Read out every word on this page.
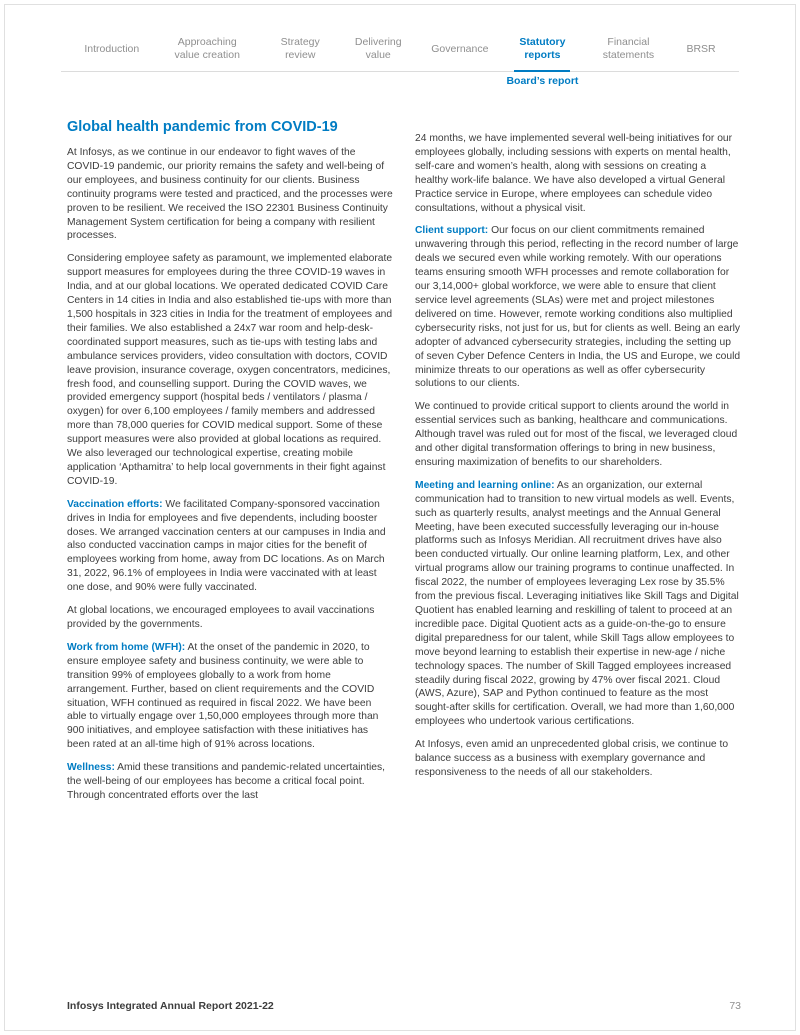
Introduction
Approaching value creation
Strategy review
Delivering value
Governance
Statutory reports
Board’s report
Financial statements
BRSR
Global health pandemic from COVID-19

At Infosys, as we continue in our endeavor to fight waves of the COVID-19 pandemic, our priority remains the safety and well-being of our employees, and business continuity for our clients. Business continuity programs were tested and practiced, and the processes were proven to be resilient. We received the ISO 22301 Business Continuity Management System certification for being a company with resilient processes.

Considering employee safety as paramount, we implemented elaborate support measures for employees during the three COVID-19 waves in India, and at our global locations. We operated dedicated COVID Care Centers in 14 cities in India and also established tie-ups with more than 1,500 hospitals in 323 cities in India for the treatment of employees and their families. We also established a 24x7 war room and help-desk-coordinated support measures, such as tie-ups with testing labs and ambulance services providers, video consultation with doctors, COVID leave provision, insurance coverage, oxygen concentrators, medicines, fresh food, and counselling support. During the COVID waves, we provided emergency support (hospital beds / ventilators / plasma / oxygen) for over 6,100 employees / family members and addressed more than 78,000 queries for COVID medical support. Some of these support measures were also provided at global locations as required. We also leveraged our technological expertise, creating mobile application ‘Apthamitra’ to help local governments in their fight against COVID-19.

Vaccination efforts: We facilitated Company-sponsored vaccination drives in India for employees and five dependents, including booster doses. We arranged vaccination centers at our campuses in India and also conducted vaccination camps in major cities for the benefit of employees working from home, away from DC locations. As on March 31, 2022, 96.1% of employees in India were vaccinated with at least one dose, and 90% were fully vaccinated.

At global locations, we encouraged employees to avail vaccinations provided by the governments.

Work from home (WFH): At the onset of the pandemic in 2020, to ensure employee safety and business continuity, we were able to transition 99% of employees globally to a work from home arrangement. Further, based on client requirements and the COVID situation, WFH continued as required in fiscal 2022. We have been able to virtually engage over 1,50,000 employees through more than 900 initiatives, and employee satisfaction with these initiatives has been rated at an all-time high of 91% across locations.

Wellness: Amid these transitions and pandemic-related uncertainties, the well-being of our employees has become a critical focal point. Through concentrated efforts over the last

24 months, we have implemented several well-being initiatives for our employees globally, including sessions with experts on mental health, self-care and women’s health, along with sessions on creating a healthy work-life balance. We have also developed a virtual General Practice service in Europe, where employees can schedule video consultations, without a physical visit.

Client support: Our focus on our client commitments remained unwavering through this period, reflecting in the record number of large deals we secured even while working remotely. With our operations teams ensuring smooth WFH processes and remote collaboration for our 3,14,000+ global workforce, we were able to ensure that client service level agreements (SLAs) were met and project milestones delivered on time. However, remote working conditions also multiplied cybersecurity risks, not just for us, but for clients as well. Being an early adopter of advanced cybersecurity strategies, including the setting up of seven Cyber Defence Centers in India, the US and Europe, we could minimize threats to our operations as well as offer cybersecurity solutions to our clients.

We continued to provide critical support to clients around the world in essential services such as banking, healthcare and communications. Although travel was ruled out for most of the fiscal, we leveraged cloud and other digital transformation offerings to bring in new business, ensuring maximization of benefits to our shareholders.

Meeting and learning online: As an organization, our external communication had to transition to new virtual models as well. Events, such as quarterly results, analyst meetings and the Annual General Meeting, have been executed successfully leveraging our in-house platforms such as Infosys Meridian. All recruitment drives have also been conducted virtually. Our online learning platform, Lex, and other virtual programs allow our training programs to continue unaffected. In fiscal 2022, the number of employees leveraging Lex rose by 35.5% from the previous fiscal. Leveraging initiatives like Skill Tags and Digital Quotient has enabled learning and reskilling of talent to proceed at an incredible pace. Digital Quotient acts as a guide-on-the-go to ensure digital preparedness for our talent, while Skill Tags allow employees to move beyond learning to establish their expertise in new-age / niche technology spaces. The number of Skill Tagged employees increased steadily during fiscal 2022, growing by 47% over fiscal 2021. Cloud (AWS, Azure), SAP and Python continued to feature as the most sought-after skills for certification. Overall, we had more than 1,60,000 employees who undertook various certifications.

At Infosys, even amid an unprecedented global crisis, we continue to balance success as a business with exemplary governance and responsiveness to the needs of all our stakeholders.

Infosys Integrated Annual Report 2021-22	73
